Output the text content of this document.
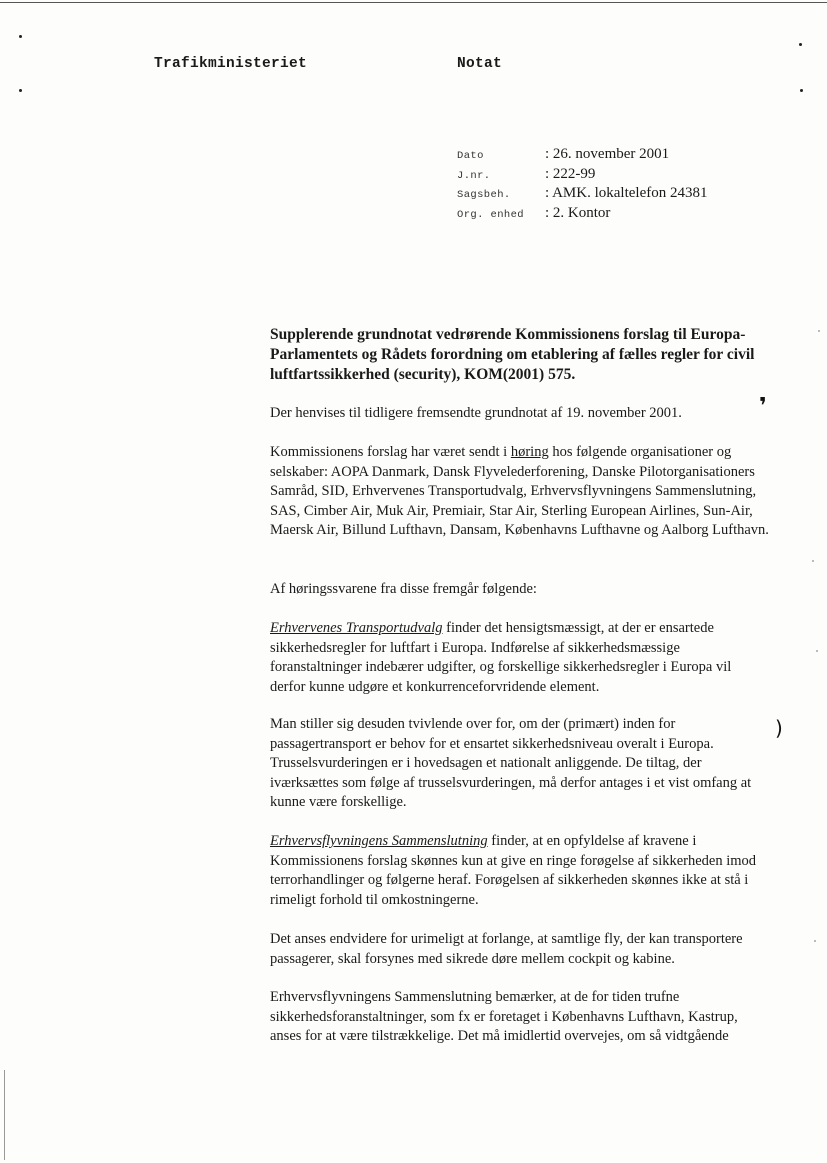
Trafikministeriet	Notat
Dato	: 26. november 2001
J.nr.	: 222-99
Sagsbeh.	: AMK. lokaltelefon 24381
Org. enhed	: 2. Kontor
Supplerende grundnotat vedrørende Kommissionens forslag til Europa-Parlamentets og Rådets forordning om etablering af fælles regler for civil luftfartssikkerhed (security), KOM(2001) 575.
Der henvises til tidligere fremsendte grundnotat af 19. november 2001.	❜
Kommissionens forslag har været sendt i høring hos følgende organisationer og selskaber: AOPA Danmark, Dansk Flyvelederforening, Danske Pilotorganisationers Samråd, SID, Erhvervenes Transportudvalg, Erhvervsflyvningens Sammenslutning, SAS, Cimber Air, Muk Air, Premiair, Star Air, Sterling European Airlines, Sun-Air, Maersk Air, Billund Lufthavn, Dansam, Københavns Lufthavne og Aalborg Lufthavn.
Af høringssvarene fra disse fremgår følgende:
Erhvervenes Transportudvalg finder det hensigtsmæssigt, at der er ensartede sikkerhedsregler for luftfart i Europa. Indførelse af sikkerhedsmæssige foranstaltninger indebærer udgifter, og forskellige sikkerhedsregler i Europa vil derfor kunne udgøre et konkurrenceforvridende element.
Man stiller sig desuden tvivlende over for, om der (primært) inden for passagertransport er behov for et ensartet sikkerhedsniveau overalt i Europa. Trusselsvurderingen er i hovedsagen et nationalt anliggende. De tiltag, der iværksættes som følge af trusselsvurderingen, må derfor antages i et vist omfang at kunne være forskellige.
)
Erhvervsflyvningens Sammenslutning finder, at en opfyldelse af kravene i Kommissionens forslag skønnes kun at give en ringe forøgelse af sikkerheden imod terrorhandlinger og følgerne heraf. Forøgelsen af sikkerheden skønnes ikke at stå i rimeligt forhold til omkostningerne.
Det anses endvidere for urimeligt at forlange, at samtlige fly, der kan transportere passagerer, skal forsynes med sikrede døre mellem cockpit og kabine.
Erhvervsflyvningens Sammenslutning bemærker, at de for tiden trufne sikkerhedsforanstaltninger, som fx er foretaget i Københavns Lufthavn, Kastrup, anses for at være tilstrækkelige. Det må imidlertid overvejes, om så vidtgående
